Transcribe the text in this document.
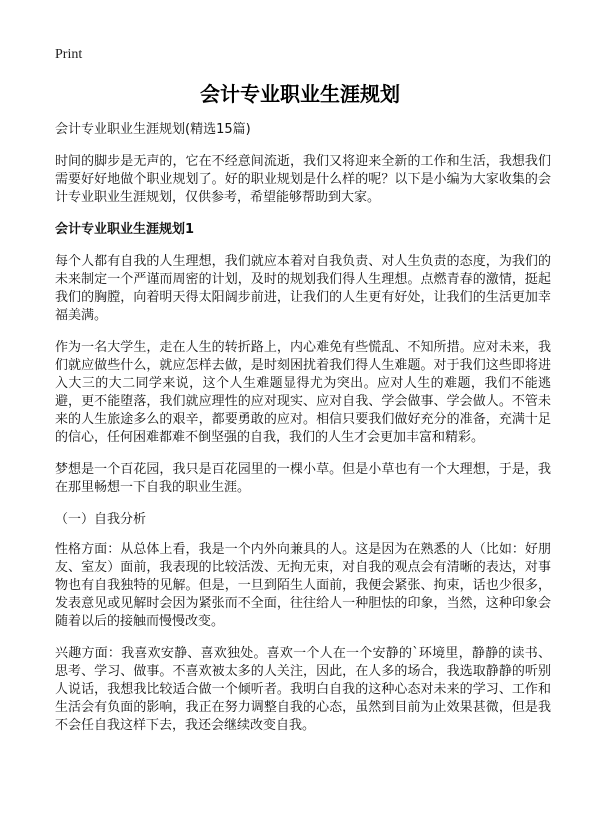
Print
会计专业职业生涯规划

会计专业职业生涯规划(精选15篇)

时间的脚步是无声的，它在不经意间流逝，我们又将迎来全新的工作和生活，我想我们需要好好地做个职业规划了。好的职业规划是什么样的呢？以下是小编为大家收集的会计专业职业生涯规划，仅供参考，希望能够帮助到大家。

会计专业职业生涯规划1

每个人都有自我的人生理想，我们就应本着对自我负责、对人生负责的态度，为我们的未来制定一个严谨而周密的计划，及时的规划我们得人生理想。点燃青春的激情，挺起我们的胸膛，向着明天得太阳阔步前进，让我们的人生更有好处，让我们的生活更加幸福美满。

作为一名大学生，走在人生的转折路上，内心难免有些慌乱、不知所措。应对未来，我们就应做些什么，就应怎样去做，是时刻困扰着我们得人生难题。对于我们这些即将进入大三的大二同学来说，这个人生难题显得尤为突出。应对人生的难题，我们不能逃避，更不能堕落，我们就应理性的应对现实、应对自我、学会做事、学会做人。不管未来的人生旅途多么的艰辛，都要勇敢的应对。相信只要我们做好充分的准备，充满十足的信心，任何困难都难不倒坚强的自我，我们的人生才会更加丰富和精彩。

梦想是一个百花园，我只是百花园里的一棵小草。但是小草也有一个大理想，于是，我在那里畅想一下自我的职业生涯。

（一）自我分析

性格方面：从总体上看，我是一个内外向兼具的人。这是因为在熟悉的人（比如：好朋友、室友）面前，我表现的比较活泼、无拘无束，对自我的观点会有清晰的表达，对事物也有自我独特的见解。但是，一旦到陌生人面前，我便会紧张、拘束，话也少很多，发表意见或见解时会因为紧张而不全面，往往给人一种胆怯的印象，当然，这种印象会随着以后的接触而慢慢改变。

兴趣方面：我喜欢安静、喜欢独处。喜欢一个人在一个安静的`环境里，静静的读书、思考、学习、做事。不喜欢被太多的人关注，因此，在人多的场合，我选取静静的听别人说话，我想我比较适合做一个倾听者。我明白自我的这种心态对未来的学习、工作和生活会有负面的影响，我正在努力调整自我的心态，虽然到目前为止效果甚微，但是我不会任自我这样下去，我还会继续改变自我。
